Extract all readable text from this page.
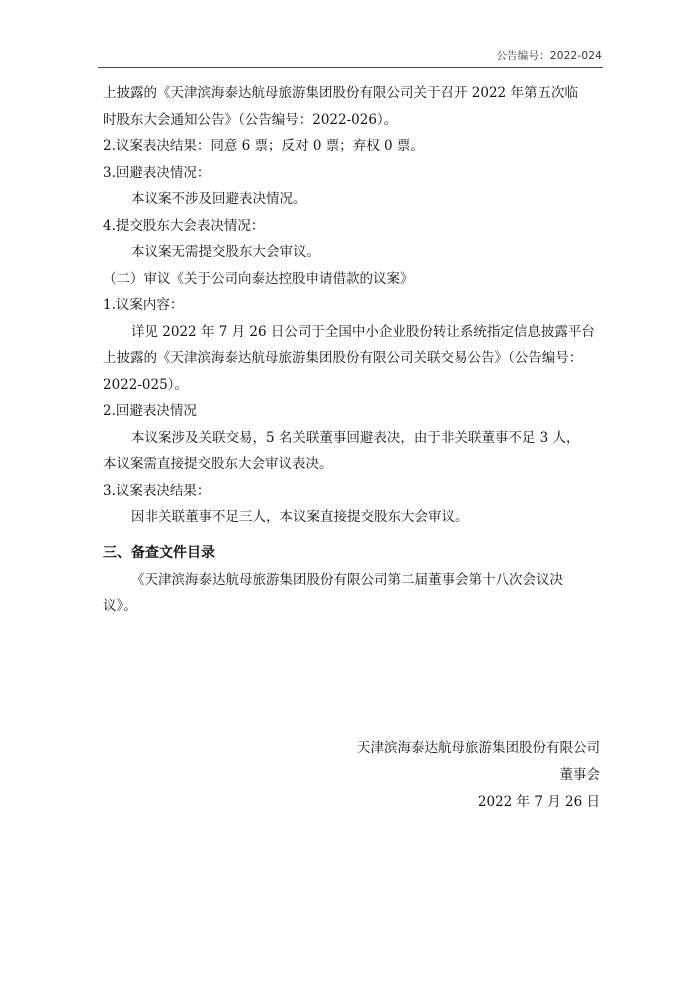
公告编号：2022-024

上披露的《天津滨海泰达航母旅游集团股份有限公司关于召开 2022 年第五次临

时股东大会通知公告》（公告编号：2022-026）。

2.议案表决结果：同意 6 票；反对 0 票；弃权 0 票。

3.回避表决情况：

本议案不涉及回避表决情况。

4.提交股东大会表决情况：

本议案无需提交股东大会审议。

（二）审议《关于公司向泰达控股申请借款的议案》

1.议案内容：

详见 2022 年 7 月 26 日公司于全国中小企业股份转让系统指定信息披露平台

上披露的《天津滨海泰达航母旅游集团股份有限公司关联交易公告》（公告编号：

2022-025）。

2.回避表决情况

本议案涉及关联交易，5 名关联董事回避表决，由于非关联董事不足 3 人，

本议案需直接提交股东大会审议表决。

3.议案表决结果：

因非关联董事不足三人，本议案直接提交股东大会审议。

三、备查文件目录

《天津滨海泰达航母旅游集团股份有限公司第二届董事会第十八次会议决

议》。

天津滨海泰达航母旅游集团股份有限公司
董事会
2022 年 7 月 26 日
